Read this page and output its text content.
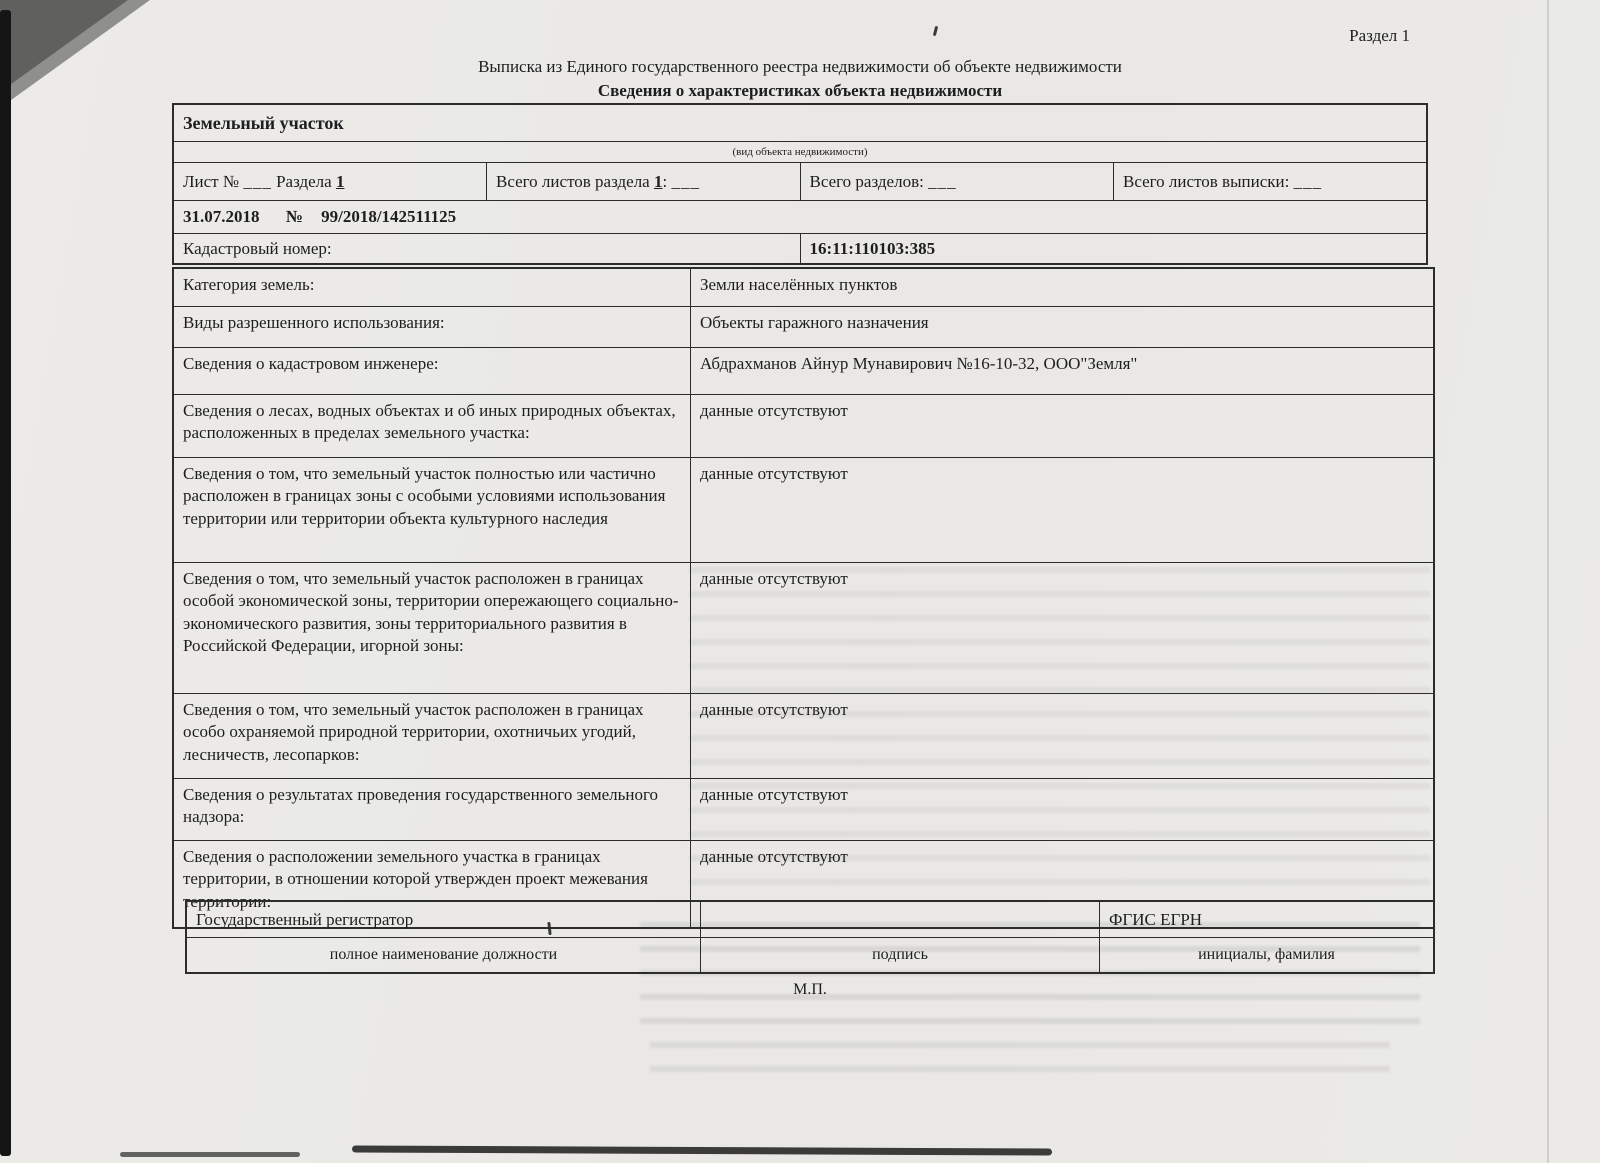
Раздел 1
Выписка из Единого государственного реестра недвижимости об объекте недвижимости
Сведения о характеристиках объекта недвижимости
Земельный участок			
(вид объекта недвижимости)			
Лист № ___ Раздела 1	Всего листов раздела 1: ___	Всего разделов: ___	Всего листов выписки: ___
31.07.2018 № 99/2018/142511125			
Кадастровый номер:		16:11:110103:385	
Категория земель:	Земли населённых пунктов
Виды разрешенного использования:	Объекты гаражного назначения
Сведения о кадастровом инженере:	Абдрахманов Айнур Мунавирович №16-10-32, ООО"Земля"
Сведения о лесах, водных объектах и об иных природных объектах, расположенных в пределах земельного участка:	данные отсутствуют
Сведения о том, что земельный участок полностью или частично расположен в границах зоны с особыми условиями использования территории или территории объекта культурного наследия	данные отсутствуют
Сведения о том, что земельный участок расположен в границах особой экономической зоны, территории опережающего социально-экономического развития, зоны территориального развития в Российской Федерации, игорной зоны:	данные отсутствуют
Сведения о том, что земельный участок расположен в границах особо охраняемой природной территории, охотничьих угодий, лесничеств, лесопарков:	данные отсутствуют
Сведения о результатах проведения государственного земельного надзора:	данные отсутствуют
Сведения о расположении земельного участка в границах территории, в отношении которой утвержден проект межевания территории:	данные отсутствуют
Государственный регистратор		ФГИС ЕГРН
полное наименование должности	подпись	инициалы, фамилия
М.П.
